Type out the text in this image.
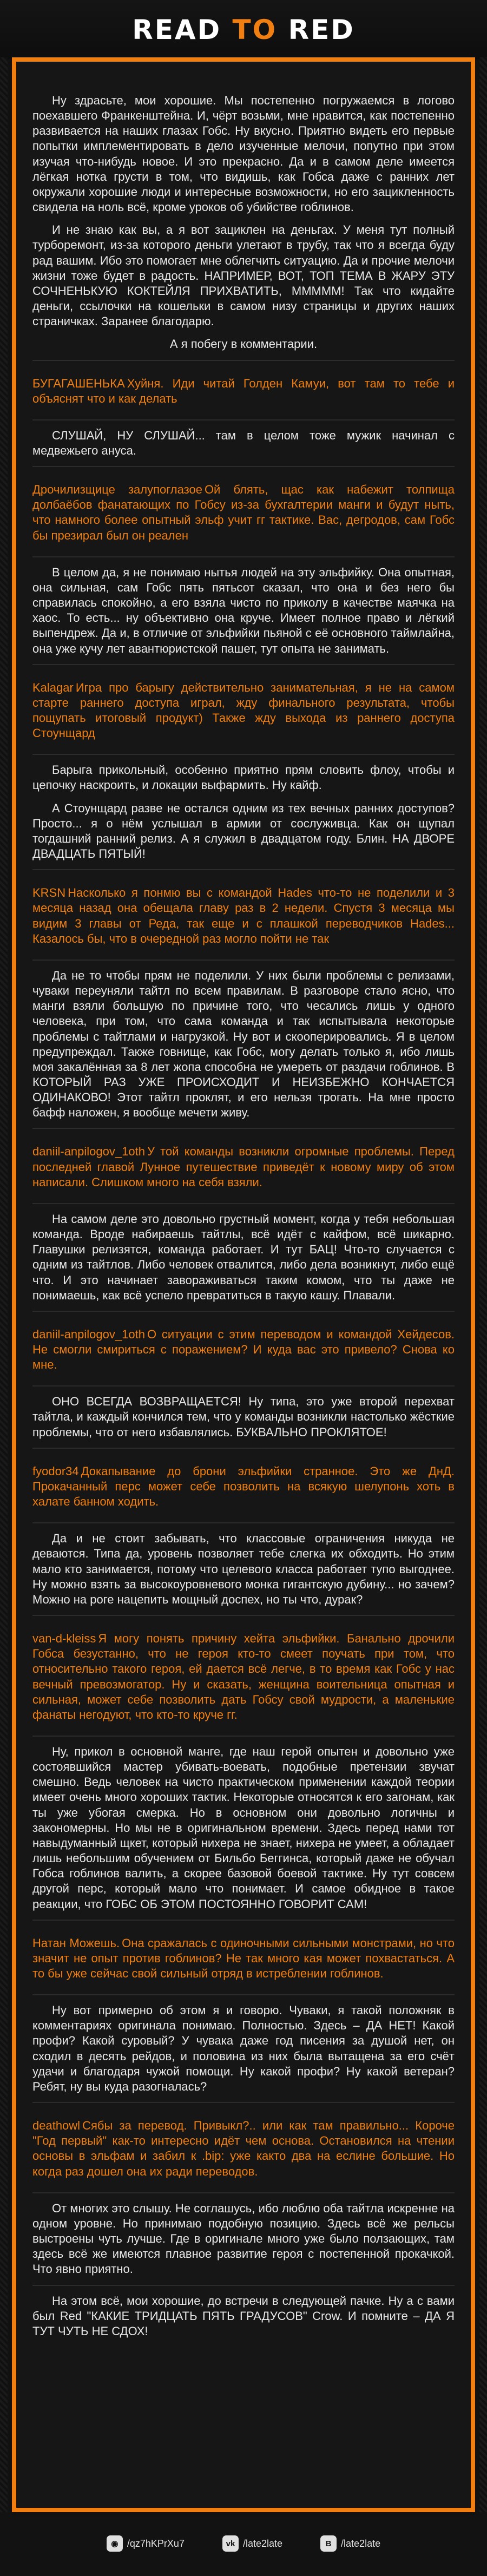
READ TO RED

Ну здрасьте, мои хорошие. Мы постепенно погружаемся в логово поехавшего Франкенштейна. И, чёрт возьми, мне нравится, как постепенно развивается на наших глазах Гобс. Ну вкусно. Приятно видеть его первые попытки имплементировать в дело изученные мелочи, попутно при этом изучая что-нибудь новое. И это прекрасно. Да и в самом деле имеется лёгкая нотка грусти в том, что видишь, как Гобса даже с ранних лет окружали хорошие люди и интересные возможности, но его зацикленность свидела на ноль всё, кроме уроков об убийстве гоблинов.

И не знаю как вы, а я вот зациклен на деньгах. У меня тут полный турборемонт, из-за которого деньги улетают в трубу, так что я всегда буду рад вашим. Ибо это помогает мне облегчить ситуацию. Да и прочие мелочи жизни тоже будет в радость. НАПРИМЕР, ВОТ, ТОП ТЕМА В ЖАРУ ЭТУ СОЧНЕНЬКУЮ КОКТЕЙЛЯ ПРИХВАТИТЬ, МММММ! Так что кидайте деньги, ссылочки на кошельки в самом низу страницы и других наших страничках. Заранее благодарю.

А я побегу в комментарии.

БУГАГАШЕНЬКА Хуйня. Иди читай Голден Камуи, вот там то тебе и объяснят что и как делать

СЛУШАЙ, НУ СЛУШАЙ... там в целом тоже мужик начинал с медвежьего ануса.

Дрочилизщице залупоглазое Ой блять, щас как набежит толпища долбаёбов фанатающих по Гобсу из-за бухгалтерии манги и будут ныть, что намного более опытный эльф учит гг тактике. Вас, дегродов, сам Гобс бы презирал был он реален

В целом да, я не понимаю нытья людей на эту эльфийку. Она опытная, она сильная, сам Гобс пять пятьсот сказал, что она и без него бы справилась спокойно, а его взяла чисто по приколу в качестве маячка на хаос. То есть... ну объективно она круче. Имеет полное право и лёгкий выпендреж. Да и, в отличие от эльфийки пьяной с её основного таймлайна, она уже кучу лет авантюристской пашет, тут опыта не занимать.

Kalagar Игра про барыгу действительно занимательная, я не на самом старте раннего доступа играл, жду финального результата, чтобы пощупать итоговый продукт) Также жду выхода из раннего доступа Стоунщард

Барыга прикольный, особенно приятно прям словить флоу, чтобы и цепочку наскроить, и локации выфармить. Ну кайф.

А Стоунщард разве не остался одним из тех вечных ранних доступов? Просто... я о нём услышал в армии от сослуживца. Как он щупал тогдашний ранний релиз. А я служил в двадцатом году. Блин. НА ДВОРЕ ДВАДЦАТЬ ПЯТЫЙ!

KRSN Насколько я понмю вы с командой Hades что-то не поделили и 3 месяца назад она обещала главу раз в 2 недели. Спустя 3 месяца мы видим 3 главы от Реда, так еще и с плашкой переводчиков Hades... Казалось бы, что в очередной раз могло пойти не так

Да не то чтобы прям не поделили. У них были проблемы с релизами, чуваки переуняли тайтл по всем правилам. В разговоре стало ясно, что манги взяли большую по причине того, что чесались лишь у одного человека, при том, что сама команда и так испытывала некоторые проблемы с тайтлами и нагрузкой. Ну вот и скооперировались. Я в целом предупреждал. Также говнище, как Гобс, могу делать только я, ибо лишь моя закалённая за 8 лет жопа способна не умереть от раздачи гоблинов. В КОТОРЫЙ РАЗ УЖЕ ПРОИСХОДИТ И НЕИЗБЕЖНО КОНЧАЕТСЯ ОДИНАКОВО! Этот тайтл проклят, и его нельзя трогать. На мне просто бафф наложен, я вообще мечети живу.

daniil-anpilogov_1oth У той команды возникли огромные проблемы. Перед последней главой Лунное путешествие приведёт к новому миру об этом написали. Слишком много на себя взяли.

На самом деле это довольно грустный момент, когда у тебя небольшая команда. Вроде набираешь тайтлы, всё идёт с кайфом, всё шикарно. Главушки релизятся, команда работает. И тут БАЦ! Что-то случается с одним из тайтлов. Либо человек отвалится, либо дела возникнут, либо ещё что. И это начинает завораживаться таким комом, что ты даже не понимаешь, как всё успело превратиться в такую кашу. Плавали.

daniil-anpilogov_1oth О ситуации с этим переводом и командой Хейдесов. Не смогли смириться с поражением? И куда вас это привело? Снова ко мне.

ОНО ВСЕГДА ВОЗВРАЩАЕТСЯ! Ну типа, это уже второй перехват тайтла, и каждый кончился тем, что у команды возникли настолько жёсткие проблемы, что от него избавлялись. БУКВАЛЬНО ПРОКЛЯТОЕ!

fyodor34 Докапывание до брони эльфийки странное. Это же ДнД. Прокачанный перс может себе позволить на всякую шелупонь хоть в халате банном ходить.

Да и не стоит забывать, что классовые ограничения никуда не деваются. Типа да, уровень позволяет тебе слегка их обходить. Но этим мало кто занимается, потому что целевого класса работает тупо выгоднее. Ну можно взять за высокоуровневого монка гигантскую дубину... но зачем? Можно на роге нацепить мощный доспех, но ты что, дурак?

van-d-kleiss Я могу понять причину хейта эльфийки. Банально дрочили Гобса безустанно, что не героя кто-то смеет поучать при том, что относительно такого героя, ей дается всё легче, в то время как Гобс у нас вечный превозмогатор. Ну и сказать, женщина воительница опытная и сильная, может себе позволить дать Гобсу свой мудрости, а маленькие фанаты негодуют, что кто-то круче гг.

Ну, прикол в основной манге, где наш герой опытен и довольно уже состоявшийся мастер убивать-воевать, подобные претензии звучат смешно. Ведь человек на чисто практическом применении каждой теории имеет очень много хороших тактик. Некоторые относятся к его загонам, как ты уже убогая смерка. Но в основном они довольно логичны и закономерны. Но мы не в оригинальном времени. Здесь перед нами тот навыдуманный щкет, который нихера не знает, нихера не умеет, а обладает лишь небольшим обучением от Бильбо Беггинса, который даже не обучал Гобса гоблинов валить, а скорее базовой боевой тактике. Ну тут совсем другой перс, который мало что понимает. И самое обидное в такое реакции, что ГОБС ОБ ЭТОМ ПОСТОЯННО ГОВОРИТ САМ!

Натан Можешь. Она сражалась с одиночными сильными монстрами, но что значит не опыт против гоблинов? Не так много кая может похвастаться. А то бы уже сейчас свой сильный отряд в истреблении гоблинов.

Ну вот примерно об этом я и говорю. Чуваки, я такой положняк в комментариях оригинала понимаю. Полностью. Здесь – ДА НЕТ! Какой профи? Какой суровый? У чувака даже год писения за душой нет, он сходил в десять рейдов, и половина из них была вытащена за его счёт удачи и благодаря чужой помощи. Ну какой профи? Ну какой ветеран? Ребят, ну вы куда разогналась?

deathowl Сябы за перевод. Привыкл?.. или как там правильно... Короче "Год первый" как-то интересно идёт чем основа. Остановился на чтении основы в эльфам и забил к .bip: уже както два на еслине большие. Но когда раз дошел она их ради переводов.

От многих это слышу. Не соглашусь, ибо люблю оба тайтла искренне на одном уровне. Но принимаю подобную позицию. Здесь всё же рельсы выстроены чуть лучше. Где в оригинале много уже было ползающих, там здесь всё же имеются плавное развитие героя с постепенной прокачкой. Что явно приятно.

На этом всё, мои хорошие, до встречи в следующей пачке. Ну а с вами был Red "КАКИЕ ТРИДЦАТЬ ПЯТЬ ГРАДУСОВ" Crow. И помните – ДА Я ТУТ ЧУТЬ НЕ СДОХ!

◉ /qz7hKPrXu7	vk /late2late	B /late2late
